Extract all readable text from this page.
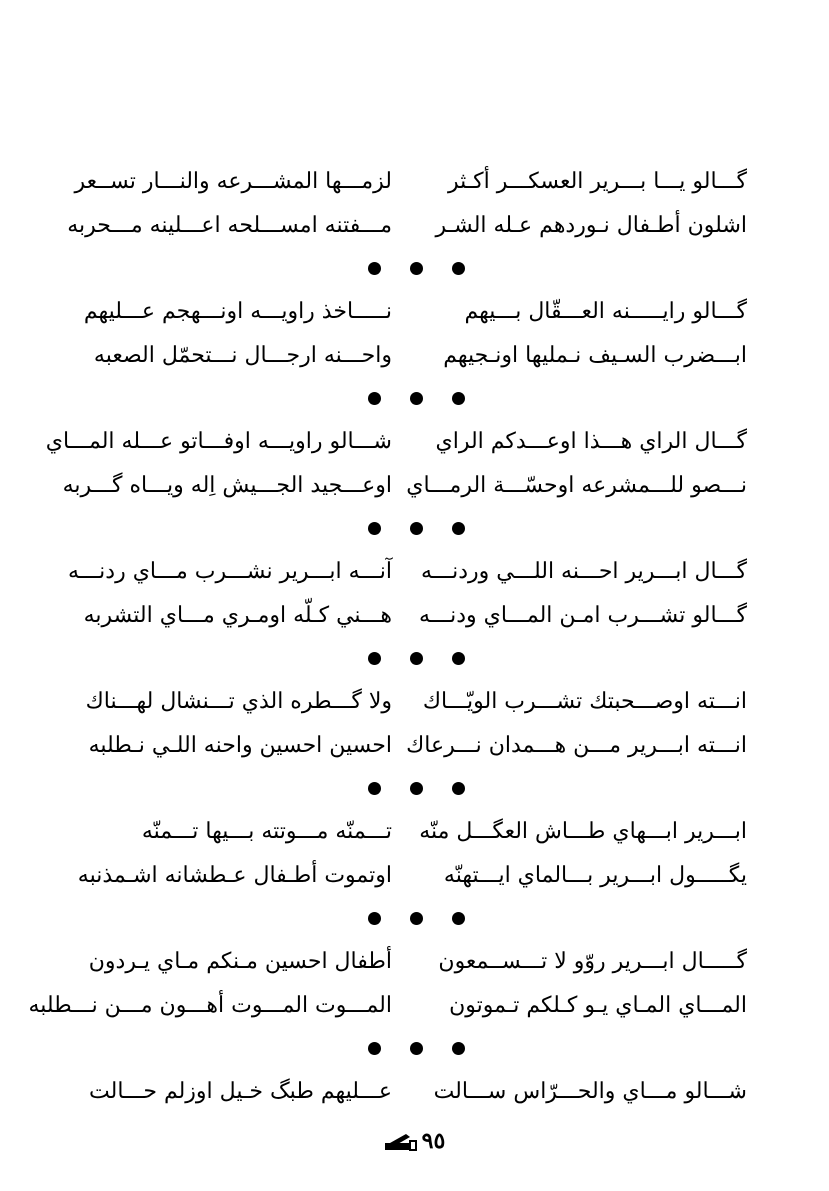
گـــالو يـــا بـــرير العسكـــر أكـثر
لزمـــها المشـــرعه والنـــار تســعر
اشلون أطـفال نـوردهم عـله الشـر
مـــفتنه امســـلحه اعـــلينه مـــحربه
گـــالو رايـــــنه العـــقّال بـــيهم
نـــــاخذ راويـــه اونـــهجم عـــليهم
ابـــضرب السـيف نـمليها اونـجيهم
واحـــنه ارجـــال نـــتحمّل الصعبه
گـــال الراي هـــذا اوعـــدكم الراي
شـــالو راويـــه اوفـــاتو عـــله المـــاي
نـــصو للـــمشرعه اوحسّـــة الرمـــاي
اوعـــجيد الجـــيش اِله ويـــاه گـــربه
گـــال ابـــرير احـــنه اللـــي وردنـــه
آنـــه ابـــرير نشـــرب مـــاي ردنـــه
گـــالو تشـــرب امـن المـــاي ودنـــه
هـــني كـلّه اومـري مـــاي التشربه
انـــته اوصـــحبتك تشـــرب الويّـــاك
ولا گـــطره الذي تـــنشال لهـــناك
انـــته ابـــرير مـــن هـــمدان نـــرعاك
احسين احسين واحنه اللـي نـطلبه
ابـــرير ابـــهاي طـــاش العگـــل منّه
تـــمنّه مـــوتته بـــيها تـــمنّه
يگـــــول ابـــرير بـــالماي ايـــتهنّه
اوتموت أطـفال عـطشانه اشـمذنبه
گـــــال ابـــرير روّو لا تـــســمعون
أطفال احسين مـنكم مـاي يـردون
المـــاي المـاي يـو كـلكم تـموتون
المـــوت المـــوت أهـــون مـــن نـــطلبه
شـــالو مـــاي والحـــرّاس ســـالت
عـــليهم طبگ خـيل اوزلم حـــالت
٩٥
